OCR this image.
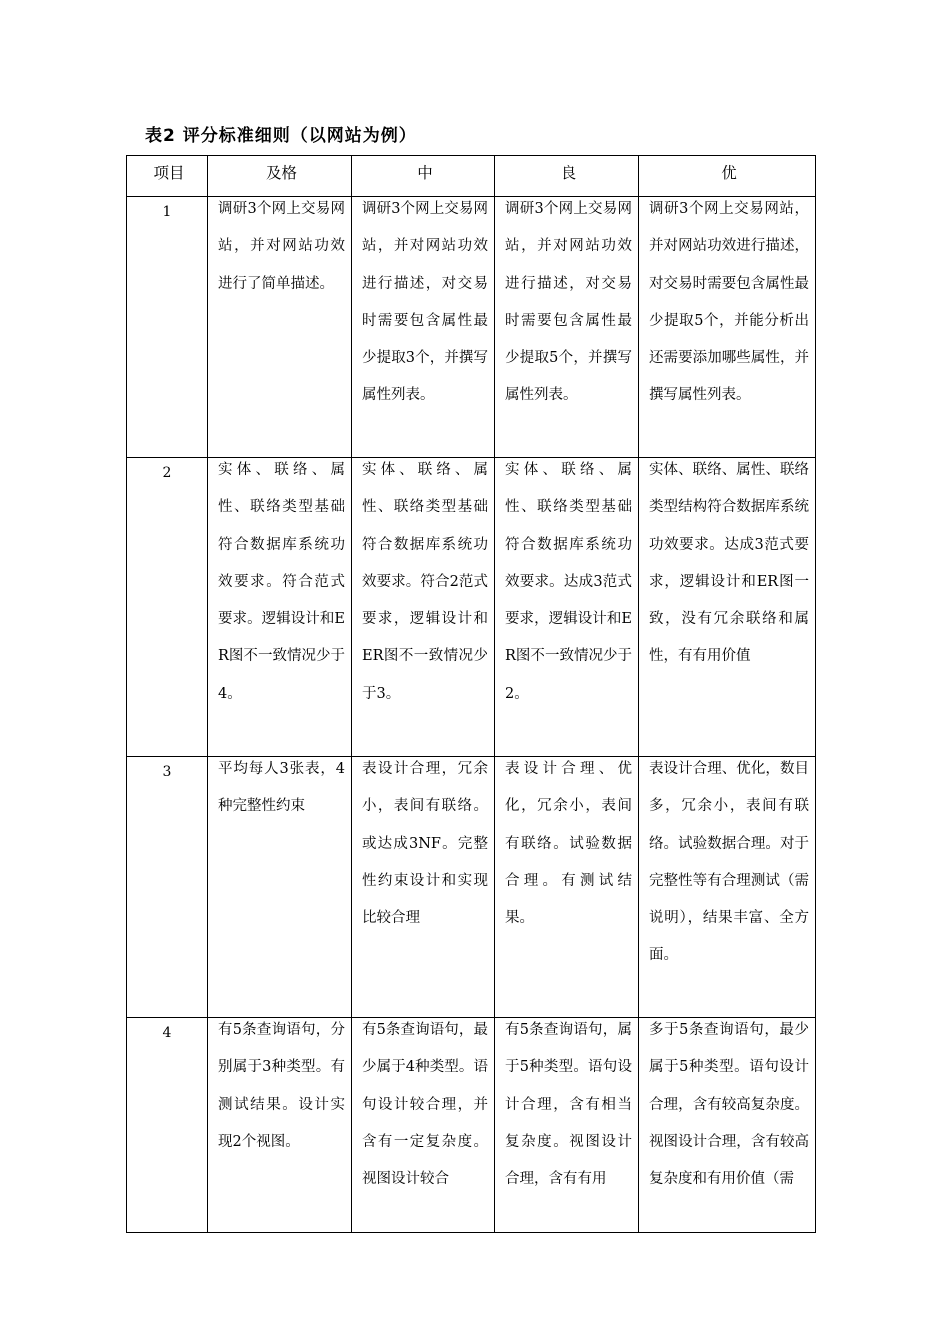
表2 评分标准细则（以网站为例）
项目	及格	中	良	优
1	调研3个网上交易网站，并对网站功效进行了简单描述。	调研3个网上交易网站，并对网站功效进行描述，对交易时需要包含属性最少提取3个，并撰写属性列表。	调研3个网上交易网站，并对网站功效进行描述，对交易时需要包含属性最少提取5个，并撰写属性列表。	调研3个网上交易网站，并对网站功效进行描述，对交易时需要包含属性最少提取5个，并能分析出还需要添加哪些属性，并撰写属性列表。

2	实体、联络、属性、联络类型基础符合数据库系统功效要求。符合范式要求。逻辑设计和ER图不一致情况少于4。	实体、联络、属性、联络类型基础符合数据库系统功效要求。符合2范式要求，逻辑设计和ER图不一致情况少于3。	实体、联络、属性、联络类型基础符合数据库系统功效要求。达成3范式要求，逻辑设计和ER图不一致情况少于2。	实体、联络、属性、联络类型结构符合数据库系统功效要求。达成3范式要求，逻辑设计和ER图一致，没有冗余联络和属性，有有用价值

3	平均每人3张表，4种完整性约束	表设计合理，冗余小，表间有联络。或达成3NF。完整性约束设计和实现比较合理	表设计合理、优化，冗余小，表间有联络。试验数据合理。有测试结果。	表设计合理、优化，数目多，冗余小，表间有联络。试验数据合理。对于完整性等有合理测试（需说明），结果丰富、全方面。

4	有5条查询语句，分别属于3种类型。有测试结果。设计实现2个视图。	有5条查询语句，最少属于4种类型。语句设计较合理，并含有一定复杂度。视图设计较合	有5条查询语句，属于5种类型。语句设计合理，含有相当复杂度。视图设计合理，含有有用	多于5条查询语句，最少属于5种类型。语句设计合理，含有较高复杂度。视图设计合理，含有较高复杂度和有用价值（需
